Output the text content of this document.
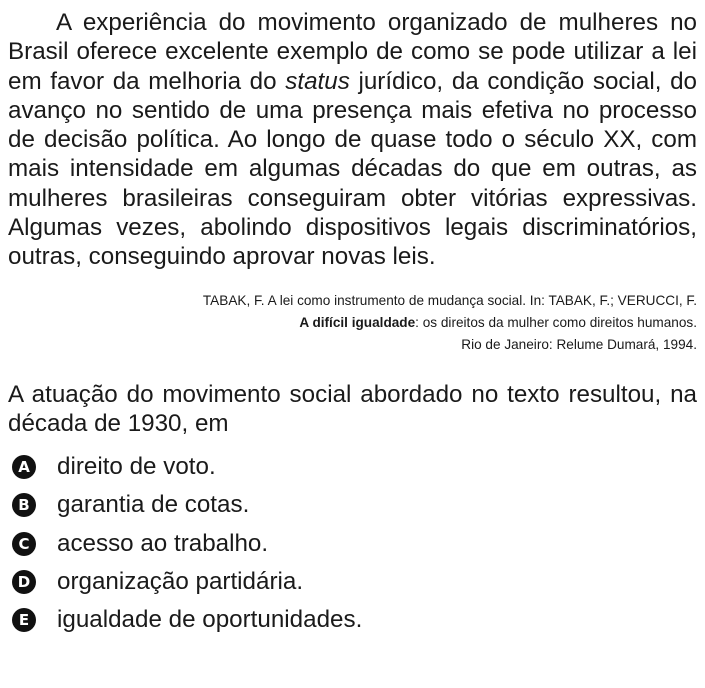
A experiência do movimento organizado de mulheres no Brasil oferece excelente exemplo de como se pode utilizar a lei em favor da melhoria do status jurídico, da condição social, do avanço no sentido de uma presença mais efetiva no processo de decisão política. Ao longo de quase todo o século XX, com mais intensidade em algumas décadas do que em outras, as mulheres brasileiras conseguiram obter vitórias expressivas. Algumas vezes, abolindo dispositivos legais discriminatórios, outras, conseguindo aprovar novas leis.

TABAK, F. A lei como instrumento de mudança social. In: TABAK, F.; VERUCCI, F.
A difícil igualdade: os direitos da mulher como direitos humanos.
Rio de Janeiro: Relume Dumará, 1994.
A atuação do movimento social abordado no texto resultou, na década de 1930, em
A direito de voto.
B garantia de cotas.
C acesso ao trabalho.
D organização partidária.
E igualdade de oportunidades.
